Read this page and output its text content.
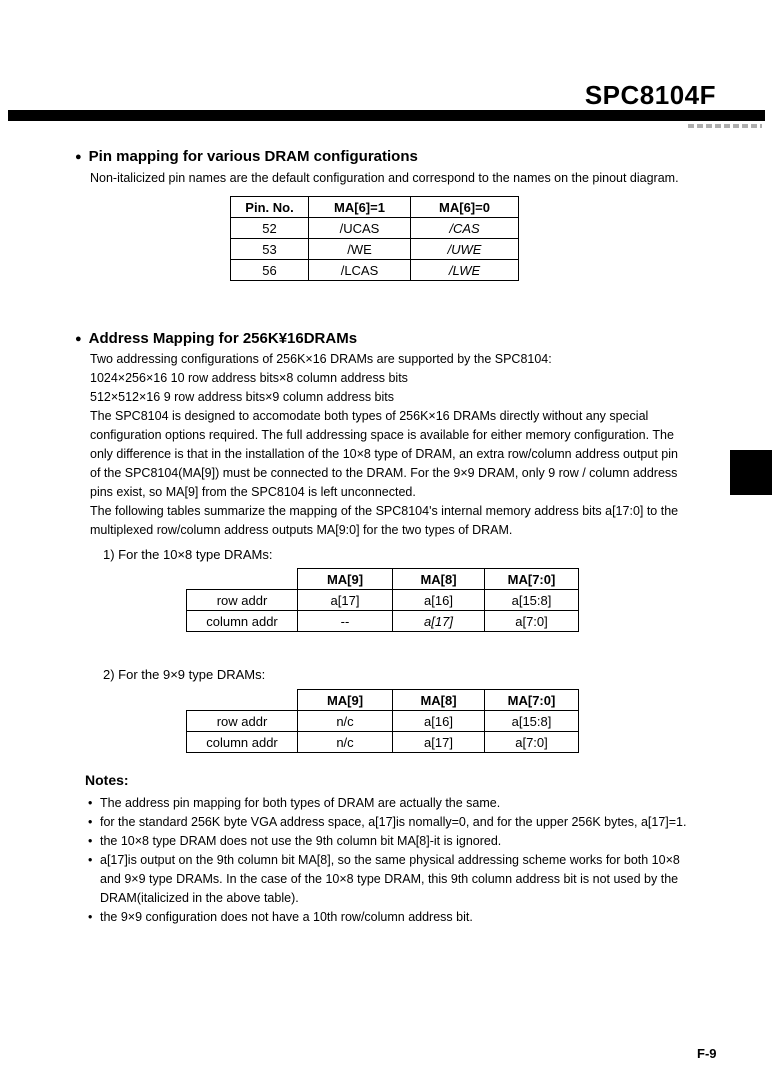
SPC8104F
● Pin mapping for various DRAM configurations
Non-italicized pin names are the default configuration and correspond to the names on the pinout diagram.
Pin. No.	MA[6]=1	MA[6]=0
52	/UCAS	/CAS
53	/WE	/UWE
56	/LCAS	/LWE
● Address Mapping for 256K¥16DRAMs
Two addressing configurations of 256K×16 DRAMs are supported by the SPC8104:
1024×256×16 10 row address bits×8 column address bits
512×512×16 9 row address bits×9 column address bits
The SPC8104 is designed to accomodate both types of 256K×16 DRAMs directly without any special
configuration options required. The full addressing space is available for either memory configuration. The
only difference is that in the installation of the 10×8 type of DRAM, an extra row/column address output pin
of the SPC8104(MA[9]) must be connected to the DRAM. For the 9×9 DRAM, only 9 row / column address
pins exist, so MA[9] from the SPC8104 is left unconnected.
The following tables summarize the mapping of the SPC8104's internal memory address bits a[17:0] to the
multiplexed row/column address outputs MA[9:0] for the two types of DRAM.
1) For the 10×8 type DRAMs:
	MA[9]	MA[8]	MA[7:0]
row addr	a[17]	a[16]	a[15:8]
column addr	--	a[17]	a[7:0]
2) For the 9×9 type DRAMs:
	MA[9]	MA[8]	MA[7:0]
row addr	n/c	a[16]	a[15:8]
column addr	n/c	a[17]	a[7:0]
Notes:
• The address pin mapping for both types of DRAM are actually the same.
• for the standard 256K byte VGA address space, a[17]is nomally=0, and for the upper 256K bytes, a[17]=1.
• the 10×8 type DRAM does not use the 9th column bit MA[8]-it is ignored.
• a[17]is output on the 9th column bit MA[8], so the same physical addressing scheme works for both 10×8
and 9×9 type DRAMs. In the case of the 10×8 type DRAM, this 9th column address bit is not used by the
DRAM(italicized in the above table).
• the 9×9 configuration does not have a 10th row/column address bit.
F-9
